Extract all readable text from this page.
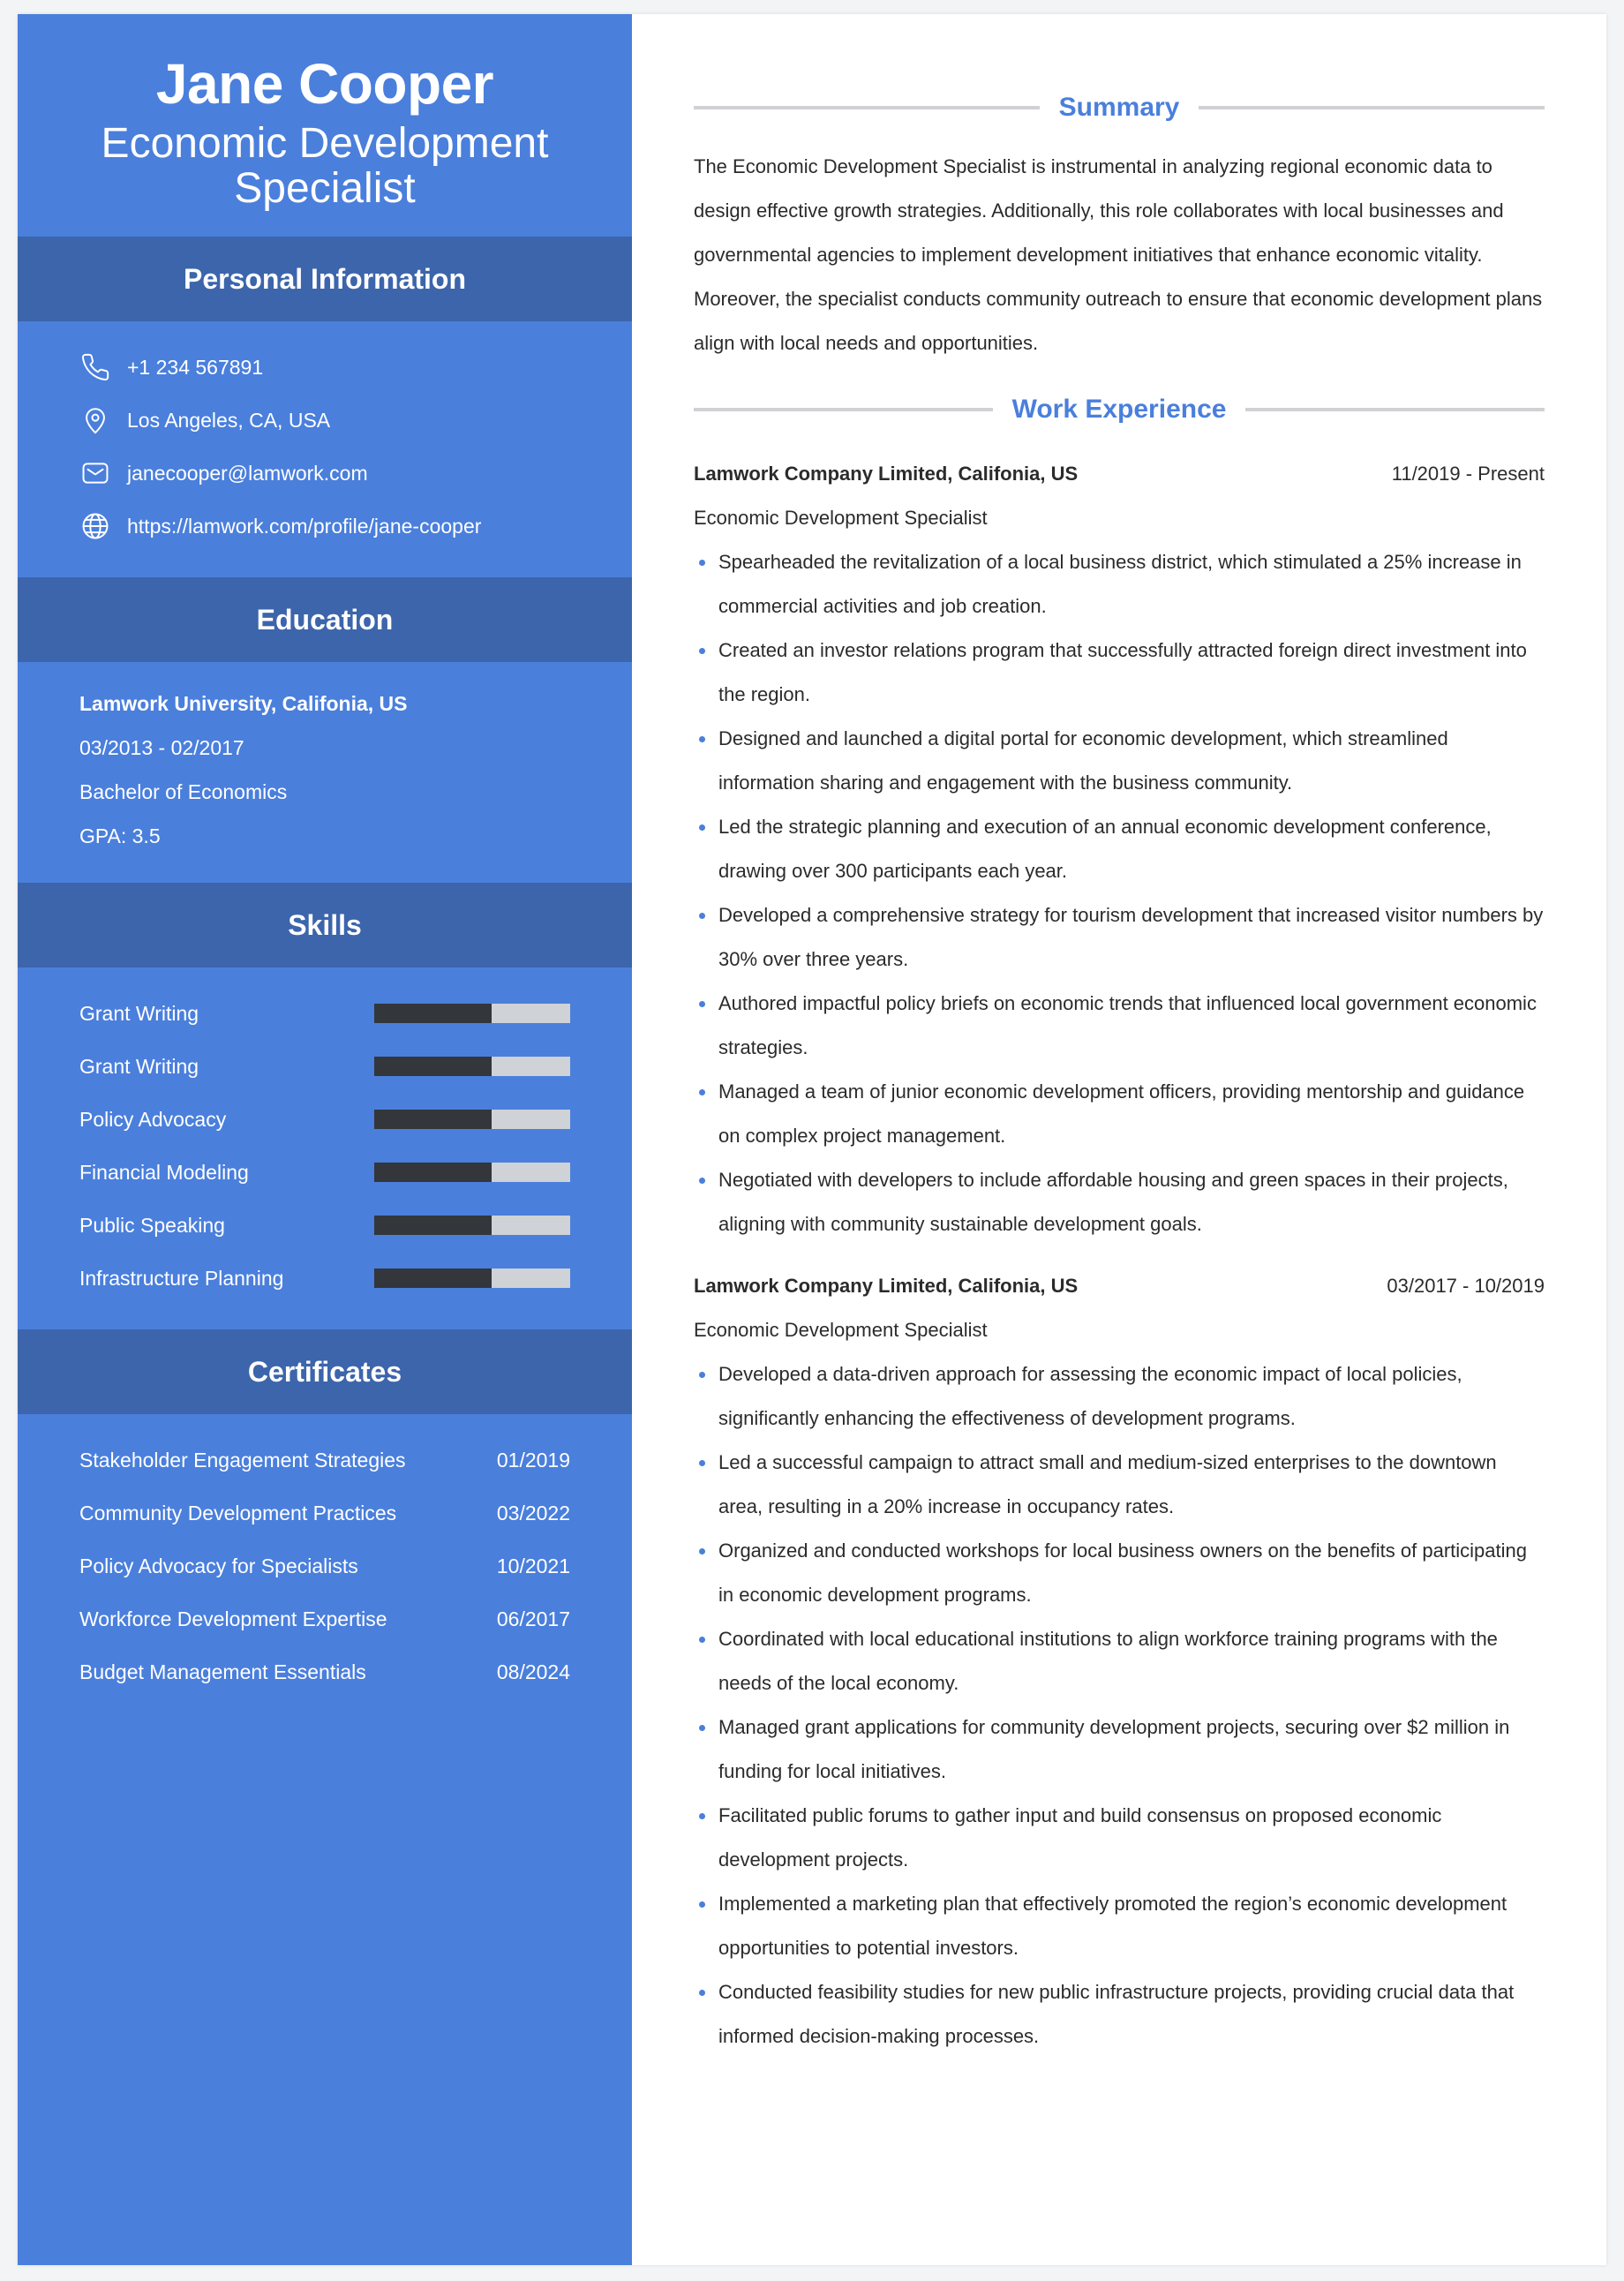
Jane Cooper
Economic Development Specialist
Personal Information
+1 234 567891
Los Angeles, CA, USA
janecooper@lamwork.com
https://lamwork.com/profile/jane-cooper
Education
Lamwork University, Califonia, US
03/2013 - 02/2017
Bachelor of Economics
GPA: 3.5
Skills
Grant Writing
Grant Writing
Policy Advocacy
Financial Modeling
Public Speaking
Infrastructure Planning
Certificates
Stakeholder Engagement Strategies	01/2019
Community Development Practices	03/2022
Policy Advocacy for Specialists	10/2021
Workforce Development Expertise	06/2017
Budget Management Essentials	08/2024
Summary

The Economic Development Specialist is instrumental in analyzing regional economic data to design effective growth strategies. Additionally, this role collaborates with local businesses and governmental agencies to implement development initiatives that enhance economic vitality. Moreover, the specialist conducts community outreach to ensure that economic development plans align with local needs and opportunities.

Work Experience
Lamwork Company Limited, Califonia, US	11/2019 - Present
Economic Development Specialist
Spearheaded the revitalization of a local business district, which stimulated a 25% increase in commercial activities and job creation.
Created an investor relations program that successfully attracted foreign direct investment into the region.
Designed and launched a digital portal for economic development, which streamlined information sharing and engagement with the business community.
Led the strategic planning and execution of an annual economic development conference, drawing over 300 participants each year.
Developed a comprehensive strategy for tourism development that increased visitor numbers by 30% over three years.
Authored impactful policy briefs on economic trends that influenced local government economic strategies.
Managed a team of junior economic development officers, providing mentorship and guidance on complex project management.
Negotiated with developers to include affordable housing and green spaces in their projects, aligning with community sustainable development goals.
Lamwork Company Limited, Califonia, US	03/2017 - 10/2019
Economic Development Specialist
Developed a data-driven approach for assessing the economic impact of local policies, significantly enhancing the effectiveness of development programs.
Led a successful campaign to attract small and medium-sized enterprises to the downtown area, resulting in a 20% increase in occupancy rates.
Organized and conducted workshops for local business owners on the benefits of participating in economic development programs.
Coordinated with local educational institutions to align workforce training programs with the needs of the local economy.
Managed grant applications for community development projects, securing over $2 million in funding for local initiatives.
Facilitated public forums to gather input and build consensus on proposed economic development projects.
Implemented a marketing plan that effectively promoted the region’s economic development opportunities to potential investors.
Conducted feasibility studies for new public infrastructure projects, providing crucial data that informed decision-making processes.
